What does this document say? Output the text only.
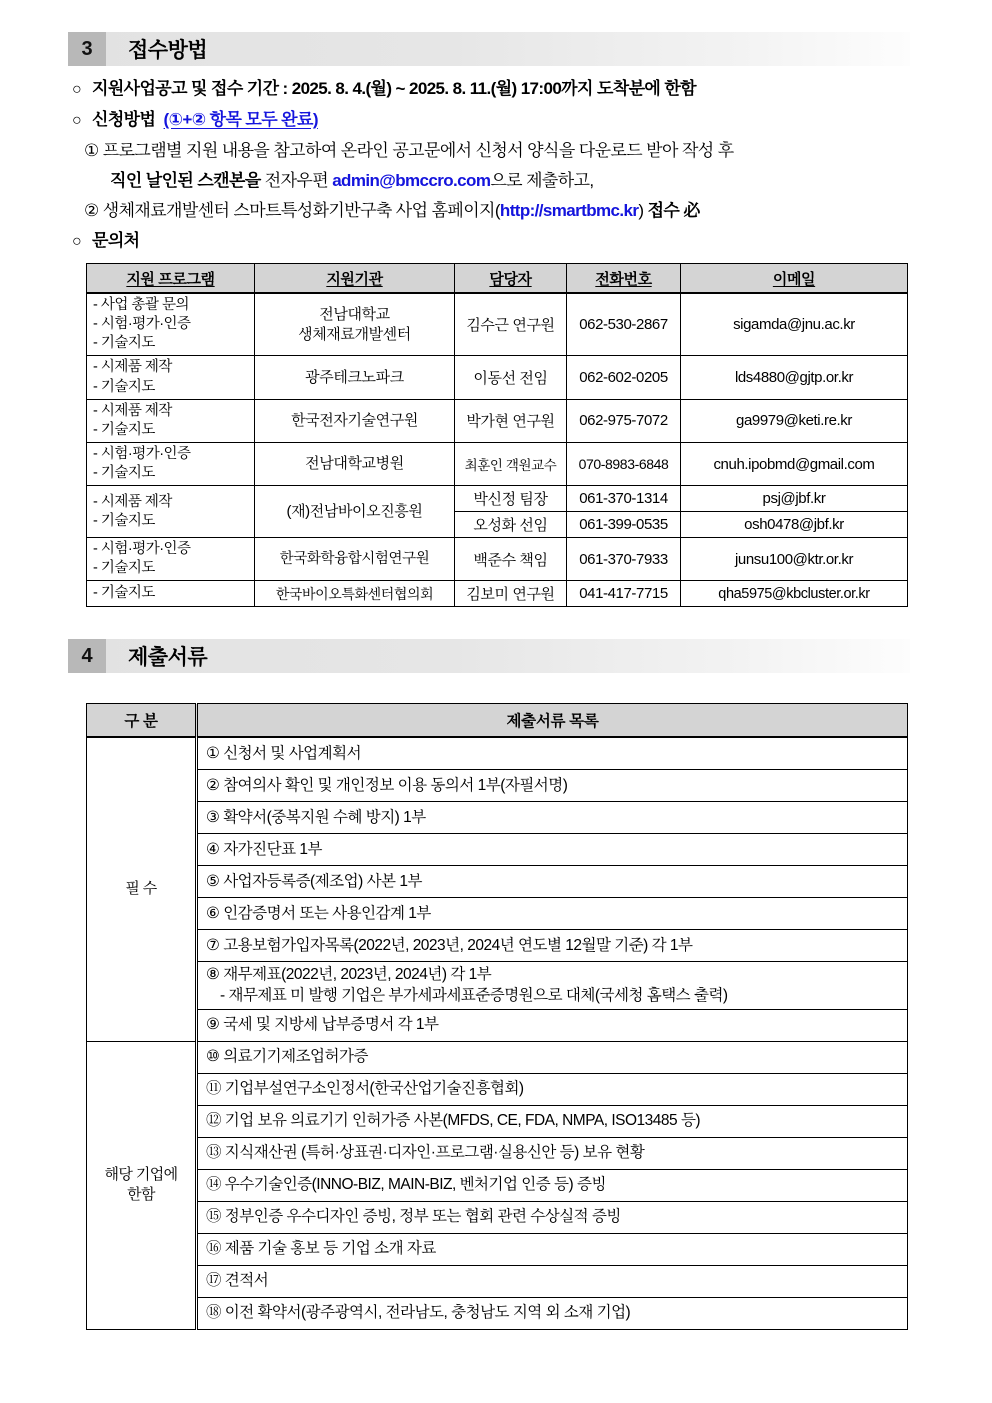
3	접수방법
○ 지원사업공고 및 접수 기간 : 2025. 8. 4.(월) ~ 2025. 8. 11.(월) 17:00까지 도착분에 한함
○ 신청방법 (①+② 항목 모두 완료)
① 프로그램별 지원 내용을 참고하여 온라인 공고문에서 신청서 양식을 다운로드 받아 작성 후
직인 날인된 스캔본을 전자우편 admin@bmccro.com으로 제출하고,
② 생체재료개발센터 스마트특성화기반구축 사업 홈페이지(http://smartbmc.kr) 접수 必
○ 문의처
지원 프로그램	지원기관	담당자	전화번호	이메일

- 사업 총괄 문의
- 시험·평가·인증
- 기술지도

전남대학교
생체재료개발센터	김수근 연구원	062-530-2867	sigamda@jnu.ac.kr

- 시제품 제작
- 기술지도	광주테크노파크	이동선 전임	062-602-0205	lds4880@gjtp.or.kr

- 시제품 제작
- 기술지도	한국전자기술연구원	박가현 연구원	062-975-7072	ga9979@keti.re.kr

- 시험·평가·인증
- 기술지도	전남대학교병원	최훈인 객원교수	070-8983-6848	cnuh.ipobmd@gmail.com

- 시제품 제작
- 기술지도	(재)전남바이오진흥원	박신정 팀장	061-370-1314	psj@jbf.kr
		오성화 선임	061-399-0535	osh0478@jbf.kr

- 시험·평가·인증
- 기술지도	한국화학융합시험연구원	백준수 책임	061-370-7933	junsu100@ktr.or.kr

- 기술지도	한국바이오특화센터협의회	김보미 연구원	041-417-7715	qha5975@kbcluster.or.kr
4	제출서류
구 분	제출서류 목록
필 수	① 신청서 및 사업계획서
	② 참여의사 확인 및 개인정보 이용 동의서 1부(자필서명)
	③ 확약서(중복지원 수혜 방지) 1부
	④ 자가진단표 1부
	⑤ 사업자등록증(제조업) 사본 1부
	⑥ 인감증명서 또는 사용인감계 1부
	⑦ 고용보험가입자목록(2022년, 2023년, 2024년 연도별 12월말 기준) 각 1부
	⑧ 재무제표(2022년, 2023년, 2024년) 각 1부
- 재무제표 미 발행 기업은 부가세과세표준증명원으로 대체(국세청 홈택스 출력)

	⑨ 국세 및 지방세 납부증명서 각 1부

해당 기업에
한함	⑩ 의료기기제조업허가증
	⑪ 기업부설연구소인정서(한국산업기술진흥협회)
	⑫ 기업 보유 의료기기 인허가증 사본(MFDS, CE, FDA, NMPA, ISO13485 등)
	⑬ 지식재산권 (특허·상표권·디자인·프로그램·실용신안 등) 보유 현황
	⑭ 우수기술인증(INNO-BIZ, MAIN-BIZ, 벤처기업 인증 등) 증빙
	⑮ 정부인증 우수디자인 증빙, 정부 또는 협회 관련 수상실적 증빙
	⑯ 제품 기술 홍보 등 기업 소개 자료
	⑰ 견적서
	⑱ 이전 확약서(광주광역시, 전라남도, 충청남도 지역 외 소재 기업)
